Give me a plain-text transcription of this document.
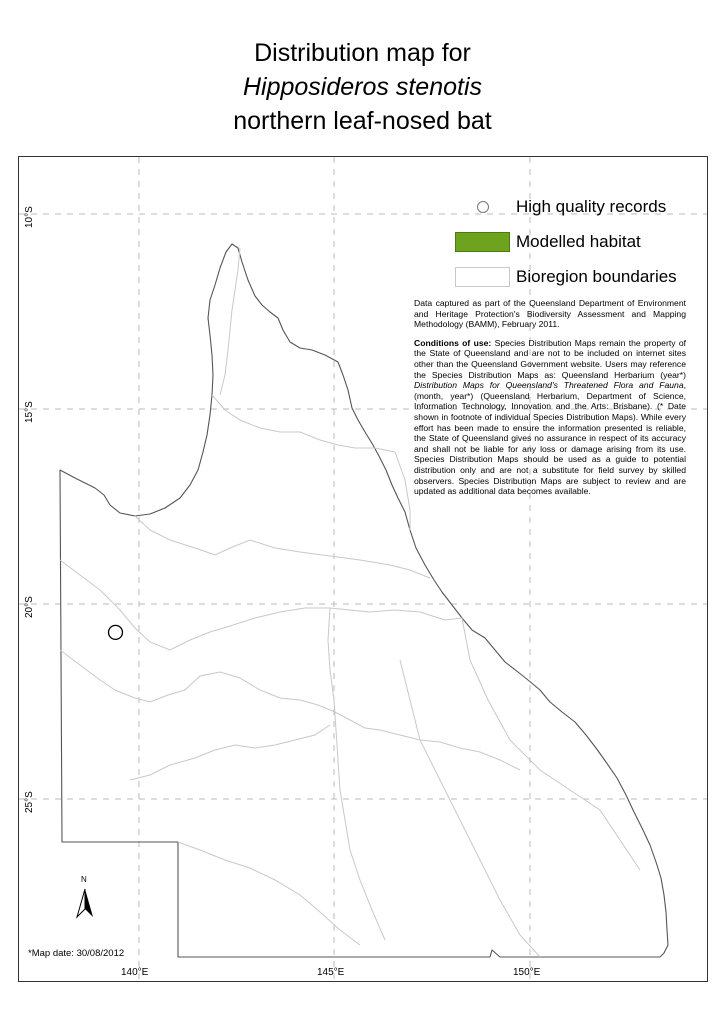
Distribution map for
Hipposideros stenotis
northern leaf-nosed bat
High quality records
Modelled habitat
Bioregion boundaries

Data captured as part of the Queensland Department of Environment and Heritage Protection's Biodiversity Assessment and Mapping Methodology (BAMM), February 2011.

Conditions of use: Species Distribution Maps remain the property of the State of Queensland and are not to be included on internet sites other than the Queensland Government website. Users may reference the Species Distribution Maps as: Queensland Herbarium (year*) Distribution Maps for Queensland's Threatened Flora and Fauna, (month, year*) (Queensland Herbarium, Department of Science, Information Technology, Innovation and the Arts: Brisbane). (* Date shown in footnote of individual Species Distribution Maps). While every effort has been made to ensure the information presented is reliable, the State of Queensland gives no assurance in respect of its accuracy and shall not be liable for any loss or damage arising from its use. Species Distribution Maps should be used as a guide to potential distribution only and are not a substitute for field survey by skilled observers. Species Distribution Maps are subject to review and are updated as additional data becomes available.

*Map date: 30/08/2012
N
140°E	145°E	150°E
10°S
15°S
20°S
25°S
